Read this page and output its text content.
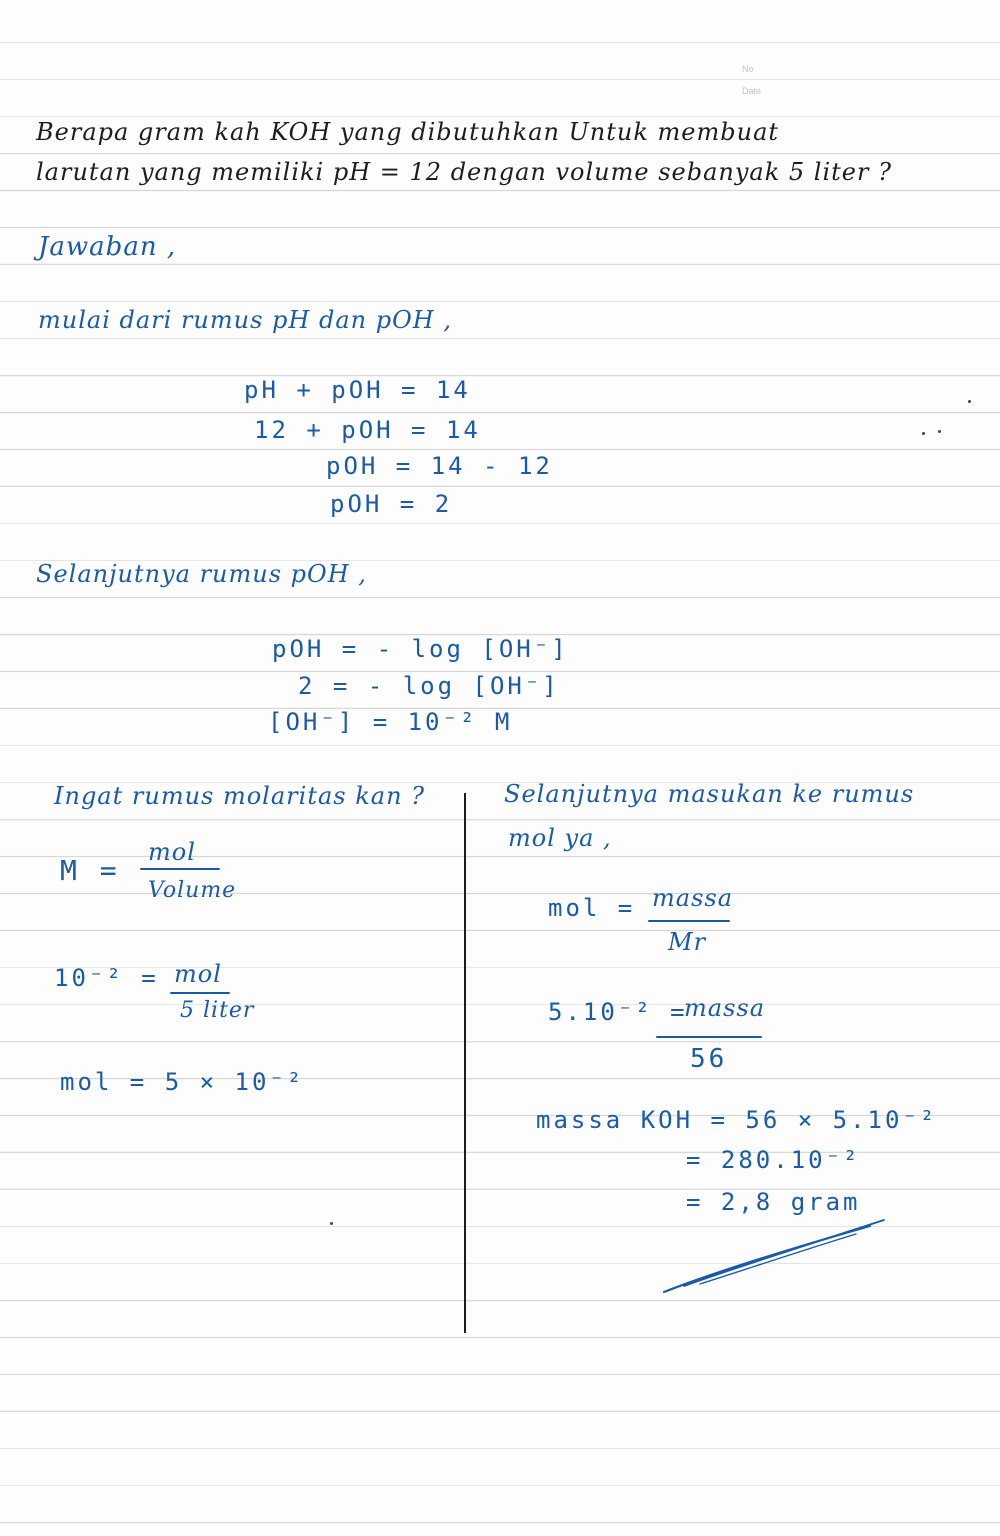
No
Date
Berapa gram kah KOH yang dibutuhkan Untuk membuat
larutan yang memiliki pH = 12 dengan volume sebanyak 5 liter ?
Jawaban ,
mulai dari rumus pH dan pOH ,
pH + pOH = 14
12 + pOH = 14
pOH = 14 - 12
pOH = 2
Selanjutnya rumus pOH ,
pOH = - log [OH⁻]
2 = - log [OH⁻]
[OH⁻] = 10⁻² M
Ingat rumus molaritas kan ?
M =
mol
Volume
10⁻² = mol
5 liter
mol = 5 × 10⁻²
Selanjutnya masukan ke rumus
mol ya ,
mol = massa
Mr
5.10⁻² =
massa
56
massa KOH = 56 × 5.10⁻²
= 280.10⁻²
= 2,8 gram
